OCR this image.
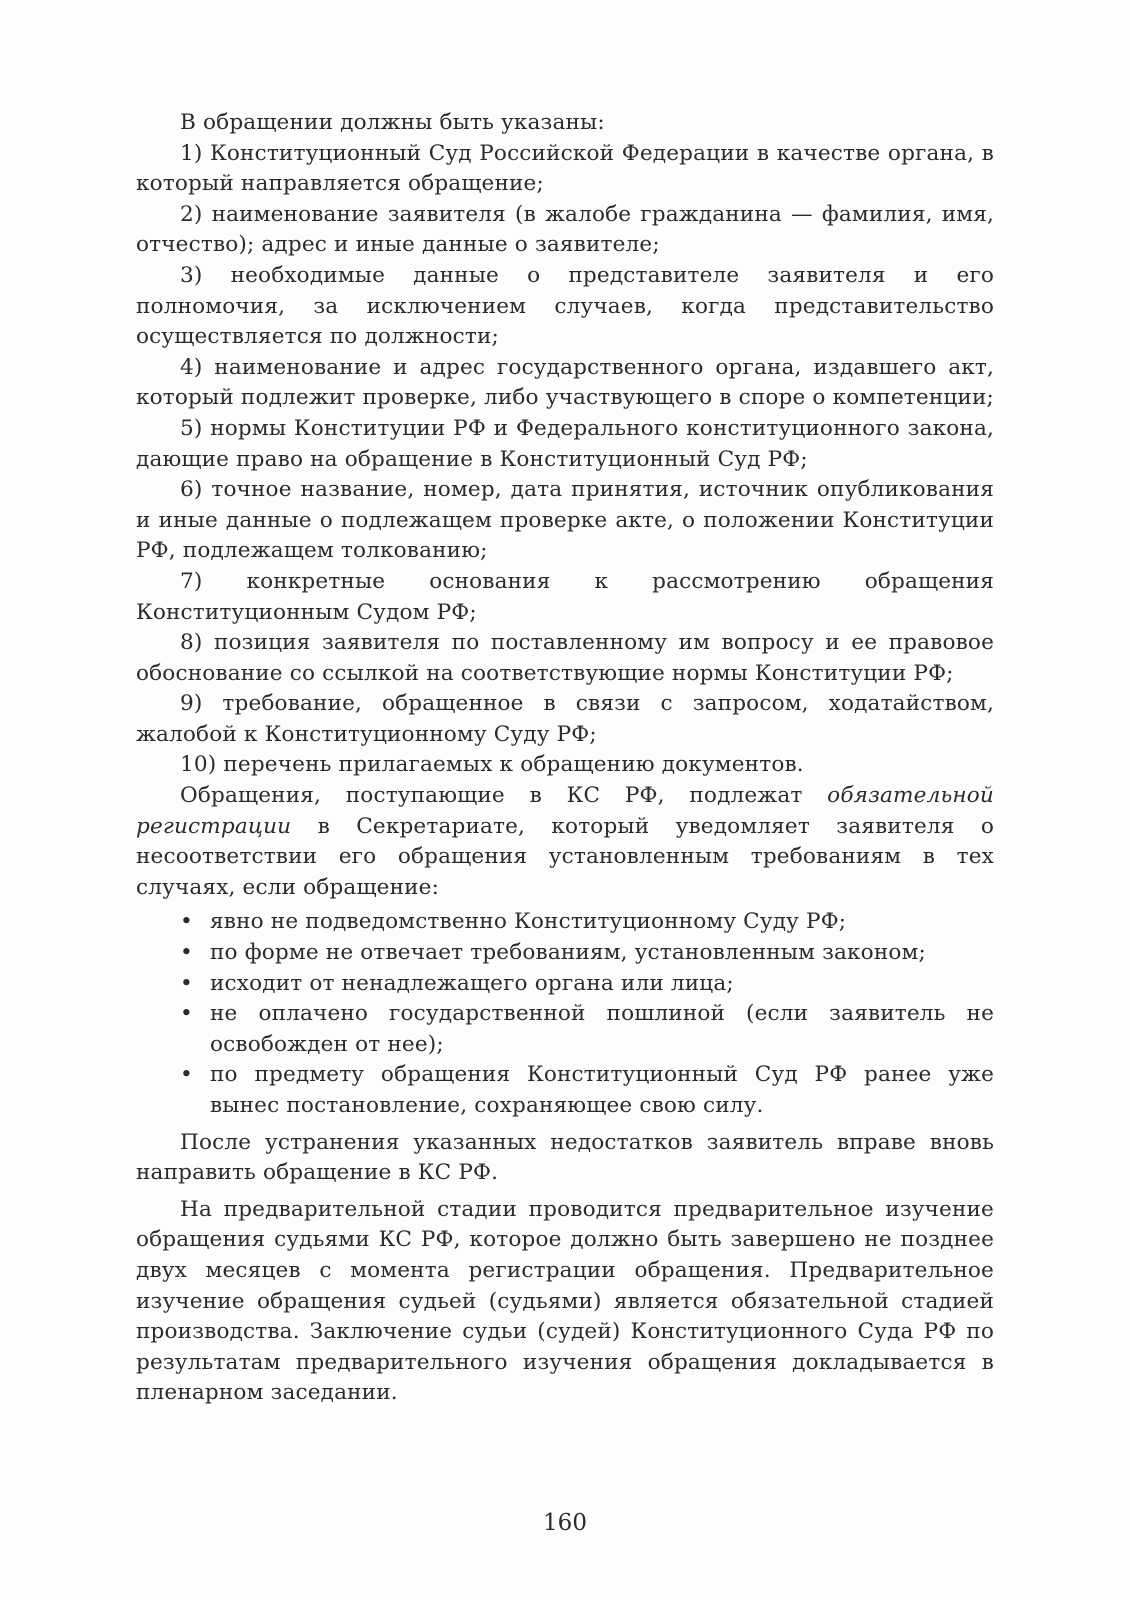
В обращении должны быть указаны:

1) Конституционный Суд Российской Федерации в качестве органа, в который направляется обращение;

2) наименование заявителя (в жалобе гражданина — фамилия, имя, отчество); адрес и иные данные о заявителе;

3) необходимые данные о представителе заявителя и его полномочия, за исключением случаев, когда представительство осуществляется по должности;

4) наименование и адрес государственного органа, издавшего акт, который подлежит проверке, либо участвующего в споре о компетенции;

5) нормы Конституции РФ и Федерального конституционного закона, дающие право на обращение в Конституционный Суд РФ;

6) точное название, номер, дата принятия, источник опубликования и иные данные о подлежащем проверке акте, о положении Конституции РФ, подлежащем толкованию;

7) конкретные основания к рассмотрению обращения Конституционным Судом РФ;

8) позиция заявителя по поставленному им вопросу и ее правовое обоснование со ссылкой на соответствующие нормы Конституции РФ;

9) требование, обращенное в связи с запросом, ходатайством, жалобой к Конституционному Суду РФ;

10) перечень прилагаемых к обращению документов.

Обращения, поступающие в КС РФ, подлежат обязательной регистрации в Секретариате, который уведомляет заявителя о несоответствии его обращения установленным требованиям в тех случаях, если обращение:

• явно не подведомственно Конституционному Суду РФ;
• по форме не отвечает требованиям, установленным законом;
• исходит от ненадлежащего органа или лица;
• не оплачено государственной пошлиной (если заявитель не освобожден от нее);
• по предмету обращения Конституционный Суд РФ ранее уже вынес постановление, сохраняющее свою силу.

После устранения указанных недостатков заявитель вправе вновь направить обращение в КС РФ.

На предварительной стадии проводится предварительное изучение обращения судьями КС РФ, которое должно быть завершено не позднее двух месяцев с момента регистрации обращения. Предварительное изучение обращения судьей (судьями) является обязательной стадией производства. Заключение судьи (судей) Конституционного Суда РФ по результатам предварительного изучения обращения докладывается в пленарном заседании.

160
